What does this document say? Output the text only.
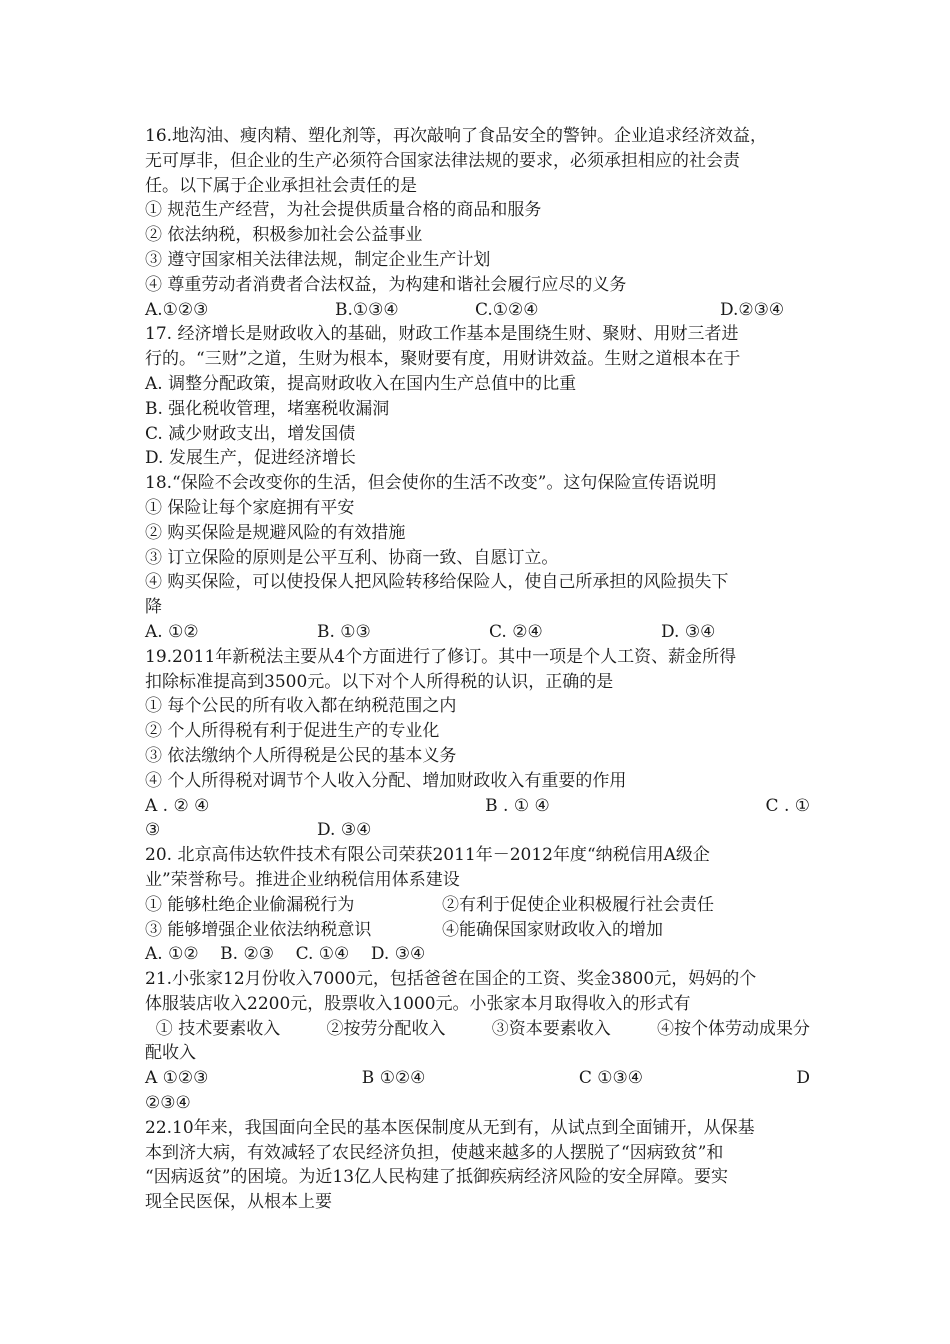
16.地沟油、瘦肉精、塑化剂等，再次敲响了食品安全的警钟。企业追求经济效益，
无可厚非，但企业的生产必须符合国家法律法规的要求，必须承担相应的社会责
任。以下属于企业承担社会责任的是
① 规范生产经营，为社会提供质量合格的商品和服务
② 依法纳税，积极参加社会公益事业
③ 遵守国家相关法律法规，制定企业生产计划
④ 尊重劳动者消费者合法权益，为构建和谐社会履行应尽的义务
A.①②③	B.①③④	C.①②④	D.②③④
17. 经济增长是财政收入的基础，财政工作基本是围绕生财、聚财、用财三者进
行的。“三财”之道，生财为根本，聚财要有度，用财讲效益。生财之道根本在于
A. 调整分配政策，提高财政收入在国内生产总值中的比重
B. 强化税收管理，堵塞税收漏洞
C. 减少财政支出，增发国债
D. 发展生产，促进经济增长
18.“保险不会改变你的生活，但会使你的生活不改变”。这句保险宣传语说明
① 保险让每个家庭拥有平安
② 购买保险是规避风险的有效措施
③ 订立保险的原则是公平互利、协商一致、自愿订立。
④ 购买保险，可以使投保人把风险转移给保险人，使自己所承担的风险损失下
降
A. ①②	B. ①③	C. ②④	D. ③④
19.2011年新税法主要从4个方面进行了修订。其中一项是个人工资、薪金所得
扣除标准提高到3500元。以下对个人所得税的认识，正确的是
① 每个公民的所有收入都在纳税范围之内
② 个人所得税有利于促进生产的专业化
③ 依法缴纳个人所得税是公民的基本义务
④ 个人所得税对调节个人收入分配、增加财政收入有重要的作用
A . ② ④	B . ① ④	C . ①
③	D. ③④
20. 北京高伟达软件技术有限公司荣获2011年－2012年度“纳税信用A级企
业”荣誉称号。推进企业纳税信用体系建设
① 能够杜绝企业偷漏税行为	②有利于促使企业积极履行社会责任
③ 能够增强企业依法纳税意识	④能确保国家财政收入的增加
A. ①②    B. ②③    C. ①④    D. ③④
21.小张家12月份收入7000元，包括爸爸在国企的工资、奖金3800元，妈妈的个
体服装店收入2200元，股票收入1000元。小张家本月取得收入的形式有
① 技术要素收入	②按劳分配收入	③资本要素收入	④按个体劳动成果分
配收入
A ①②③	B ①②④	C ①③④	D
②③④
22.10年来，我国面向全民的基本医保制度从无到有，从试点到全面铺开，从保基
本到济大病，有效减轻了农民经济负担，使越来越多的人摆脱了“因病致贫”和
“因病返贫”的困境。为近13亿人民构建了抵御疾病经济风险的安全屏障。要实
现全民医保，从根本上要
